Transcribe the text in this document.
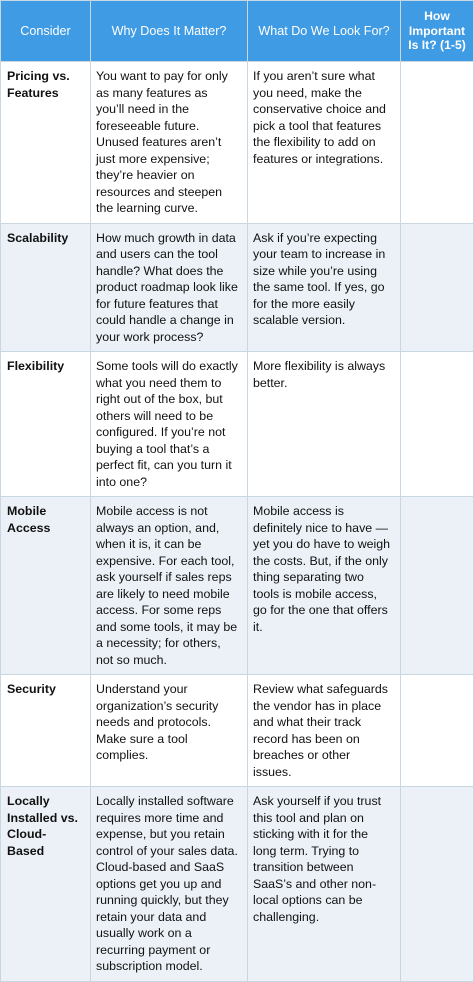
Consider	Why Does It Matter?	What Do We Look For?	How Important Is It? (1-5)

Pricing vs. Features	You want to pay for only as many features as you’ll need in the foreseeable future. Unused features aren’t just more expensive; they’re heavier on resources and steepen the learning curve.	If you aren’t sure what you need, make the conservative choice and pick a tool that features the flexibility to add on features or integrations.	

Scalability	How much growth in data and users can the tool handle? What does the product roadmap look like for future features that could handle a change in your work process?	Ask if you’re expecting your team to increase in size while you’re using the same tool. If yes, go for the more easily scalable version.	

Flexibility	Some tools will do exactly what you need them to right out of the box, but others will need to be configured. If you’re not buying a tool that’s a perfect fit, can you turn it into one?	More flexibility is always better.	

Mobile Access	Mobile access is not always an option, and, when it is, it can be expensive. For each tool, ask yourself if sales reps are likely to need mobile access. For some reps and some tools, it may be a necessity; for others, not so much.	Mobile access is definitely nice to have — yet you do have to weigh the costs. But, if the only thing separating two tools is mobile access, go for the one that offers it.	

Security	Understand your organization’s security needs and protocols. Make sure a tool complies.	Review what safeguards the vendor has in place and what their track record has been on breaches or other issues.	

Locally Installed vs. Cloud-Based	Locally installed software requires more time and expense, but you retain control of your sales data. Cloud-based and SaaS options get you up and running quickly, but they retain your data and usually work on a recurring payment or subscription model.	Ask yourself if you trust this tool and plan on sticking with it for the long term. Trying to transition between SaaS’s and other non-local options can be challenging.	
